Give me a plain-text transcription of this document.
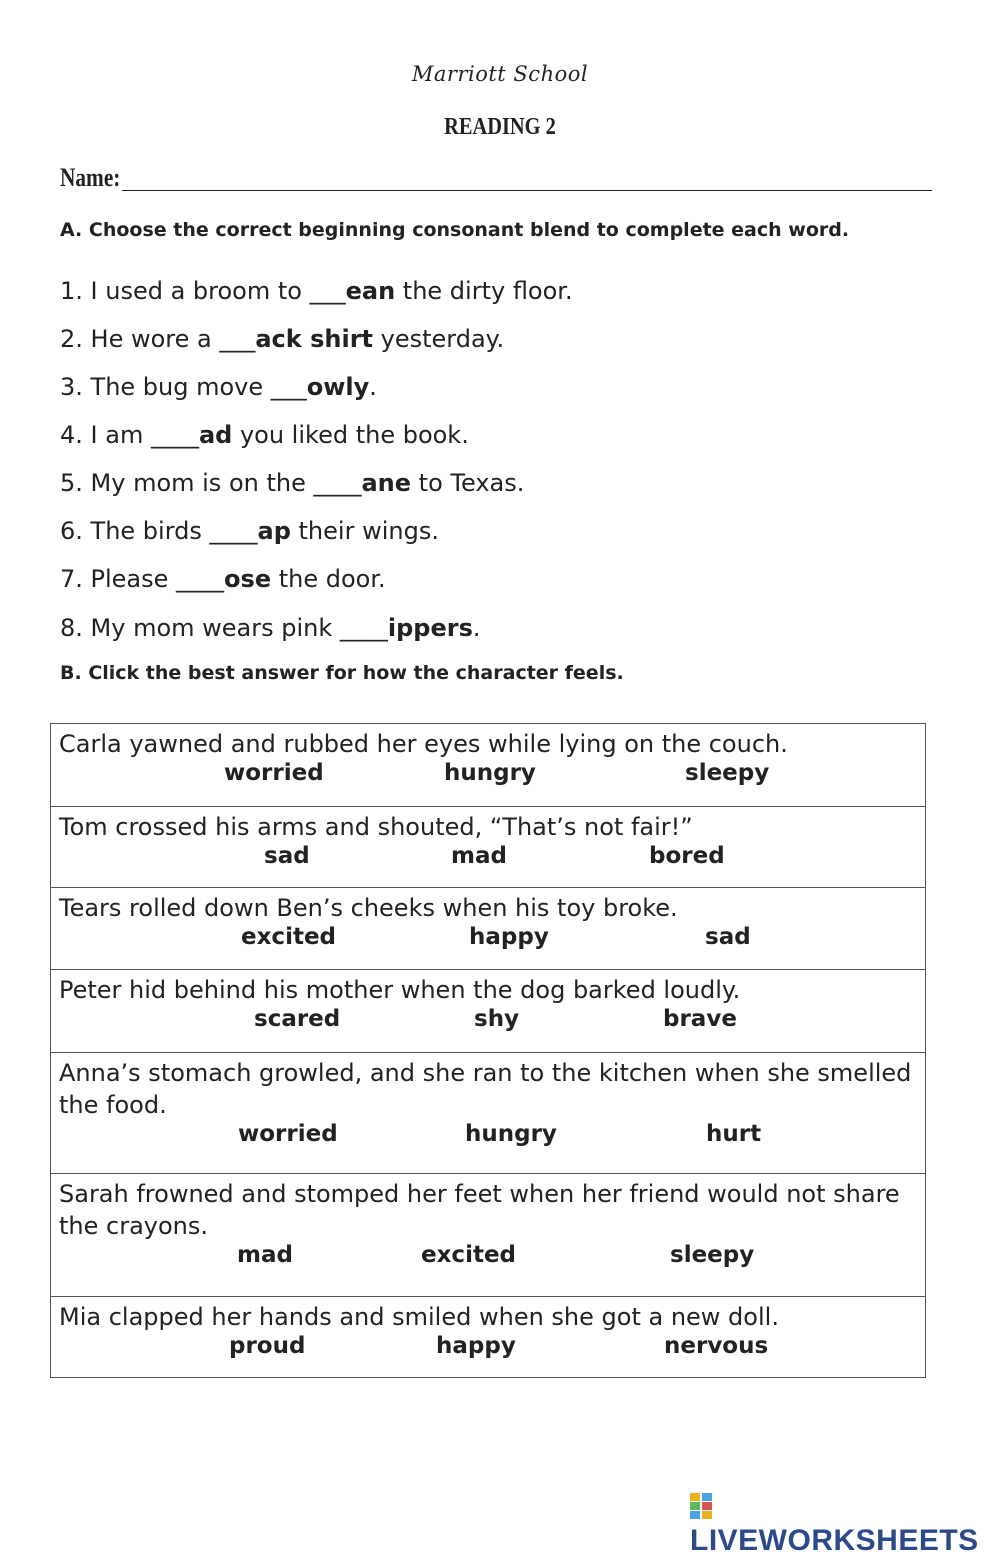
Marriott School
READING 2
Name:
A. Choose the correct beginning consonant blend to complete each word.
1. I used a broom to ___ean the dirty floor.
2. He wore a ___ack shirt yesterday.
3. The bug move ___owly.
4. I am ____ad you liked the book.
5. My mom is on the ____ane to Texas.
6. The birds ____ap their wings.
7. Please ____ose the door.
8. My mom wears pink ____ippers.
B. Click the best answer for how the character feels.
Carla yawned and rubbed her eyes while lying on the couch.
worried	hungry	sleepy
Tom crossed his arms and shouted, “That’s not fair!”
sad	mad	bored
Tears rolled down Ben’s cheeks when his toy broke.
excited	happy	sad
Peter hid behind his mother when the dog barked loudly.
scared	shy	brave
Anna’s stomach growled, and she ran to the kitchen when she smelled the food.
worried	hungry	hurt
Sarah frowned and stomped her feet when her friend would not share the crayons.
mad	excited	sleepy
Mia clapped her hands and smiled when she got a new doll.
proud	happy	nervous
LIVEWORKSHEETS
